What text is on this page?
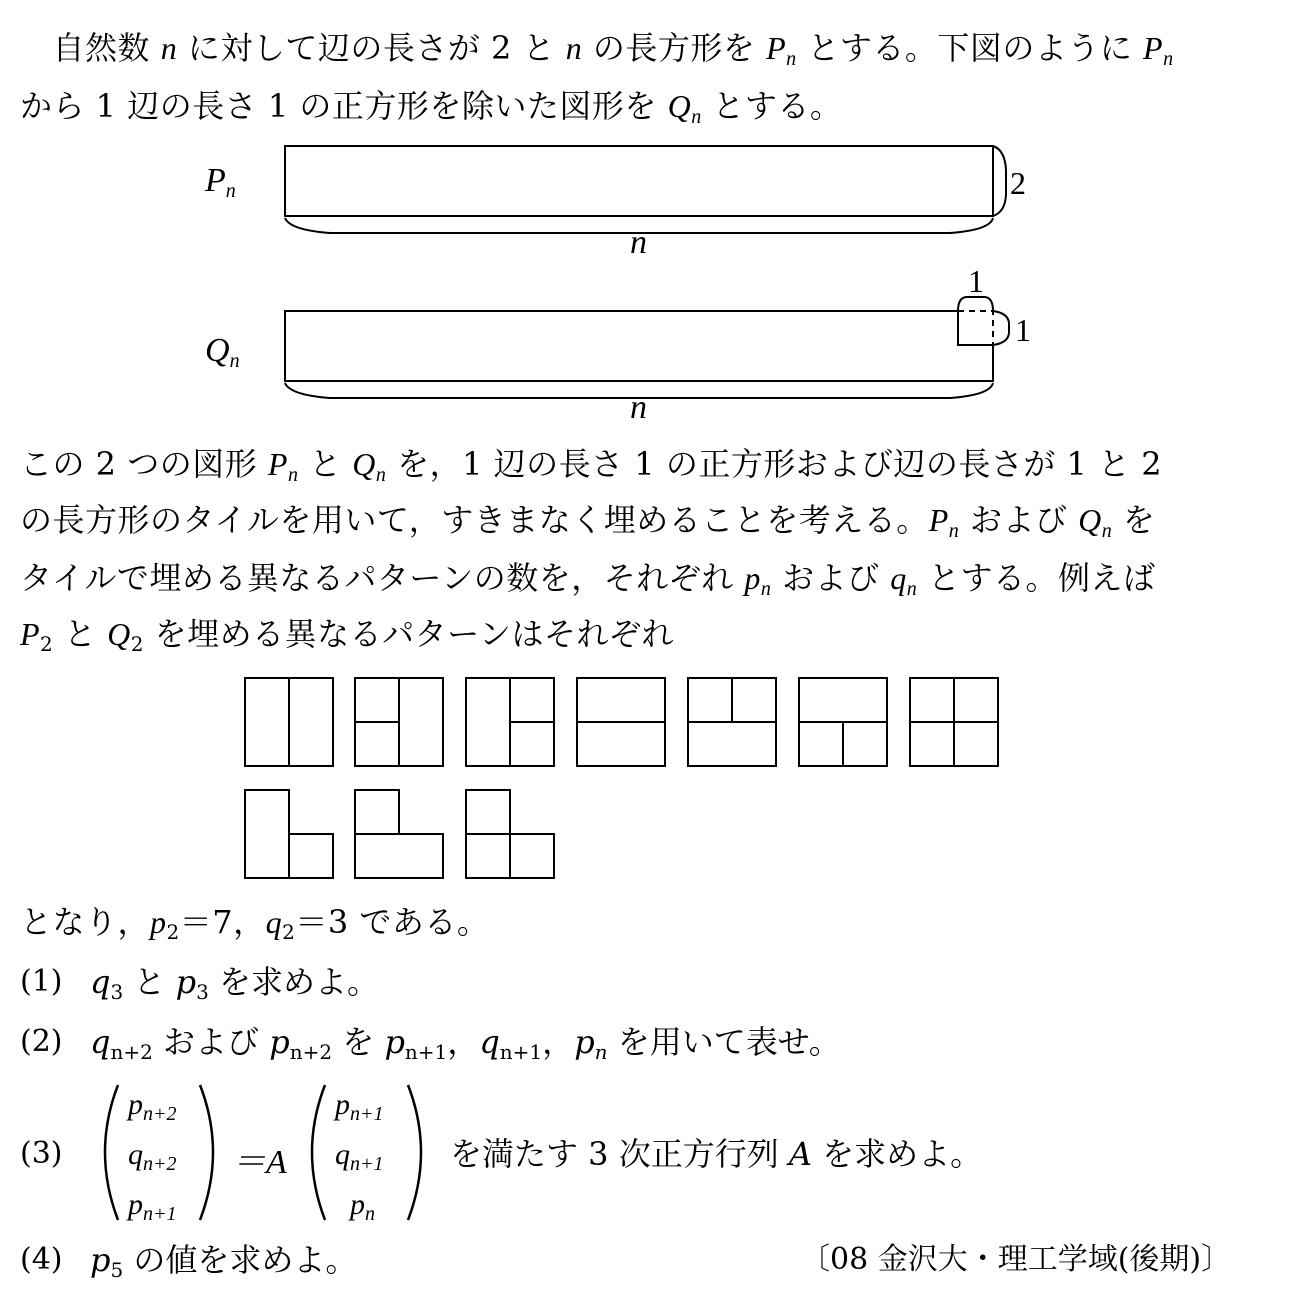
　自然数 n に対して辺の長さが 2 と n の長方形を $P_n$ とする。下図のように $P_n$
から 1 辺の長さ 1 の正方形を除いた図形を $Q_n$ とする。
$P_n$
n
2
$Q_n$
n
1
1
この 2 つの図形 $P_n$ と $Q_n$ を，1 辺の長さ 1 の正方形および辺の長さが 1 と 2
の長方形のタイルを用いて，すきまなく埋めることを考える。$P_n$ および $Q_n$ を
タイルで埋める異なるパターンの数を，それぞれ $p_n$ および $q_n$ とする。例えば
$P_2$ と $Q_2$ を埋める異なるパターンはそれぞれ
となり，$p_2=7$，$q_2=3$ である。
(1) $q_3$ と $p_3$ を求めよ。
(2) $q_{n+2}$ および $p_{n+2}$ を $p_{n+1}$，$q_{n+1}$，$p_n$ を用いて表せ。
(3)
$p_{n+2}$
$q_{n+2}$
$p_{n+1}$
＝A
$p_{n+1}$
$q_{n+1}$
$p_n$
を満たす 3 次正方行列 A を求めよ。
(4) $p_5$ の値を求めよ。	〔08 金沢大・理工学域(後期)〕
